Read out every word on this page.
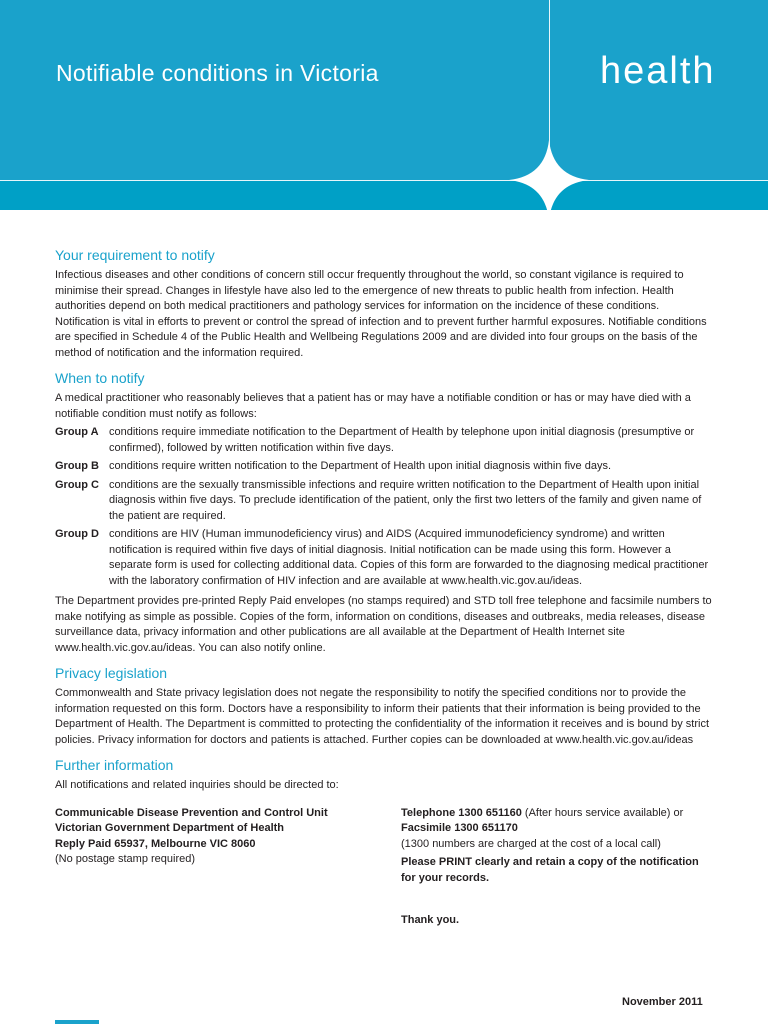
Notifiable conditions in Victoria	health
Your requirement to notify

Infectious diseases and other conditions of concern still occur frequently throughout the world, so constant vigilance is required to minimise their spread. Changes in lifestyle have also led to the emergence of new threats to public health from infection. Health authorities depend on both medical practitioners and pathology services for information on the incidence of these conditions. Notification is vital in efforts to prevent or control the spread of infection and to prevent further harmful exposures. Notifiable conditions are specified in Schedule 4 of the Public Health and Wellbeing Regulations 2009 and are divided into four groups on the basis of the method of notification and the information required.

When to notify

A medical practitioner who reasonably believes that a patient has or may have a notifiable condition or has or may have died with a notifiable condition must notify as follows:

Group A conditions require immediate notification to the Department of Health by telephone upon initial diagnosis (presumptive or confirmed), followed by written notification within five days.
Group B conditions require written notification to the Department of Health upon initial diagnosis within five days.
Group C conditions are the sexually transmissible infections and require written notification to the Department of Health upon initial diagnosis within five days. To preclude identification of the patient, only the first two letters of the family and given name of the patient are required.
Group D conditions are HIV (Human immunodeficiency virus) and AIDS (Acquired immunodeficiency syndrome) and written notification is required within five days of initial diagnosis. Initial notification can be made using this form. However a separate form is used for collecting additional data. Copies of this form are forwarded to the diagnosing medical practitioner with the laboratory confirmation of HIV infection and are available at www.health.vic.gov.au/ideas.

The Department provides pre-printed Reply Paid envelopes (no stamps required) and STD toll free telephone and facsimile numbers to make notifying as simple as possible. Copies of the form, information on conditions, diseases and outbreaks, media releases, disease surveillance data, privacy information and other publications are all available at the Department of Health Internet site www.health.vic.gov.au/ideas. You can also notify online.

Privacy legislation

Commonwealth and State privacy legislation does not negate the responsibility to notify the specified conditions nor to provide the information requested on this form. Doctors have a responsibility to inform their patients that their information is being provided to the Department of Health. The Department is committed to protecting the confidentiality of the information it receives and is bound by strict policies. Privacy information for doctors and patients is attached. Further copies can be downloaded at www.health.vic.gov.au/ideas

Further information

All notifications and related inquiries should be directed to:

Communicable Disease Prevention and Control Unit
Victorian Government Department of Health
Reply Paid 65937, Melbourne VIC 8060
(No postage stamp required)
Telephone 1300 651160 (After hours service available) or
Facsimile 1300 651170
(1300 numbers are charged at the cost of a local call)
Please PRINT clearly and retain a copy of the notification for your records.
Thank you.
November 2011
